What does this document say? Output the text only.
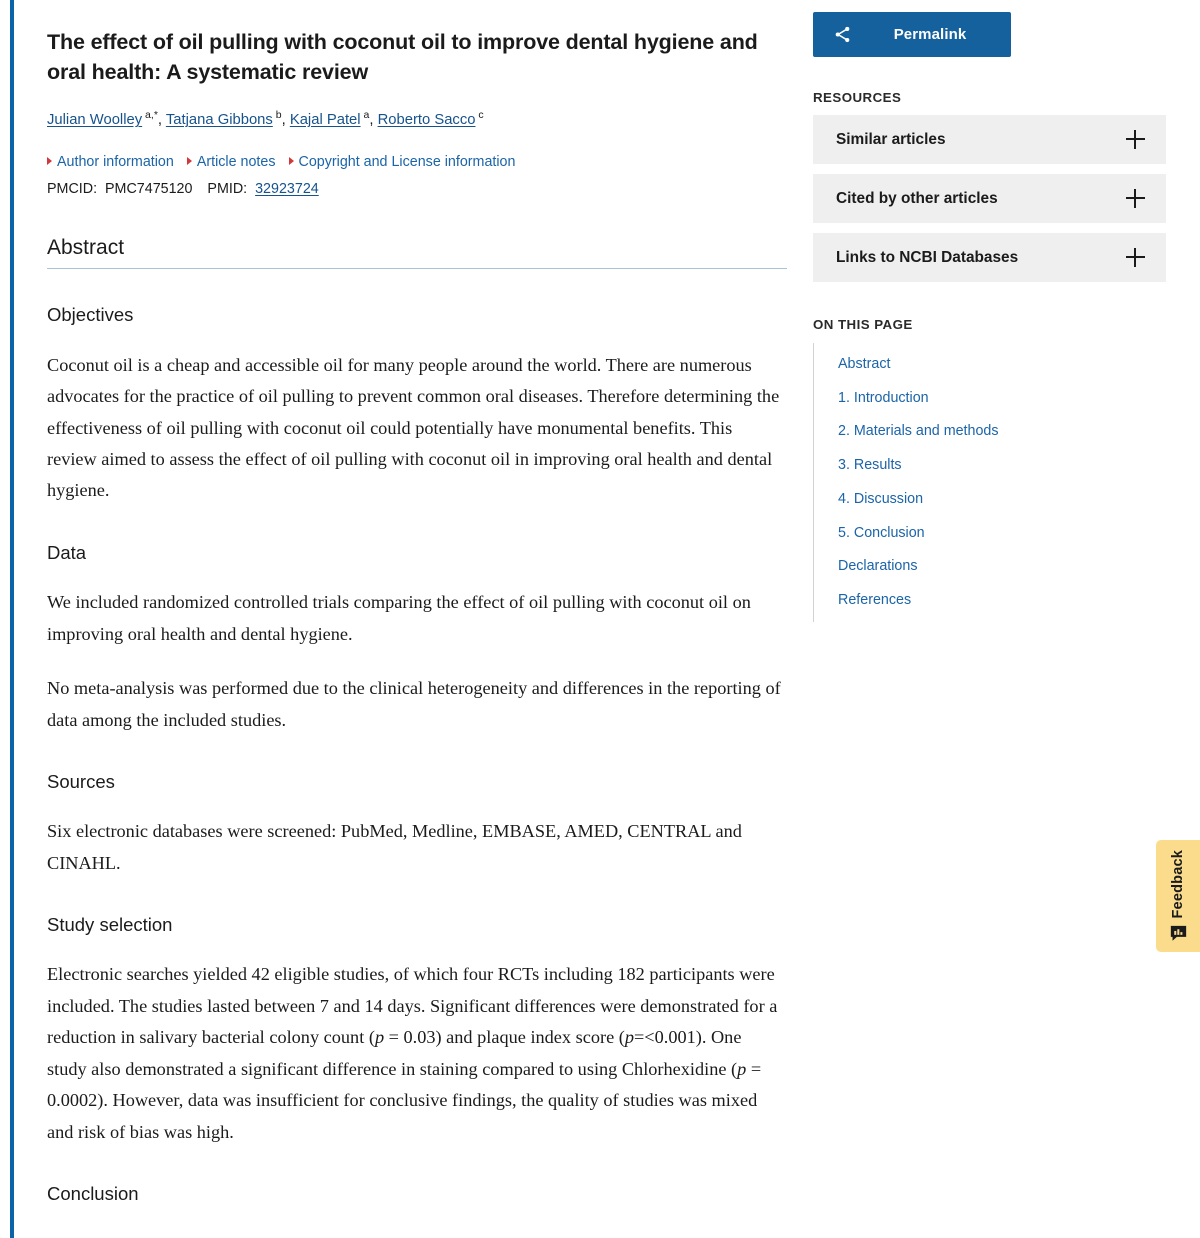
The effect of oil pulling with coconut oil to improve dental hygiene and oral health: A systematic review
Julian Woolley $^{a,*}$, Tatjana Gibbons $^b$, Kajal Patel $^a$, Roberto Sacco $^c$
Author information Article notes Copyright and License information
PMCID: PMC7475120 PMID: 32923724
Abstract
Objectives

Coconut oil is a cheap and accessible oil for many people around the world. There are numerous advocates for the practice of oil pulling to prevent common oral diseases. Therefore determining the effectiveness of oil pulling with coconut oil could potentially have monumental benefits. This review aimed to assess the effect of oil pulling with coconut oil in improving oral health and dental hygiene.

Data

We included randomized controlled trials comparing the effect of oil pulling with coconut oil on improving oral health and dental hygiene.

No meta-analysis was performed due to the clinical heterogeneity and differences in the reporting of data among the included studies.

Sources

Six electronic databases were screened: PubMed, Medline, EMBASE, AMED, CENTRAL and CINAHL.

Study selection

Electronic searches yielded 42 eligible studies, of which four RCTs including 182 participants were included. The studies lasted between 7 and 14 days. Significant differences were demonstrated for a reduction in salivary bacterial colony count (p = 0.03) and plaque index score (p=<0.001). One study also demonstrated a significant difference in staining compared to using Chlorhexidine (p = 0.0002). However, data was insufficient for conclusive findings, the quality of studies was mixed and risk of bias was high.

Conclusion
Permalink
RESOURCES
Similar articles
Cited by other articles
Links to NCBI Databases
ON THIS PAGE
Abstract
1. Introduction
2. Materials and methods
3. Results
4. Discussion
5. Conclusion
Declarations
References
Feedback
